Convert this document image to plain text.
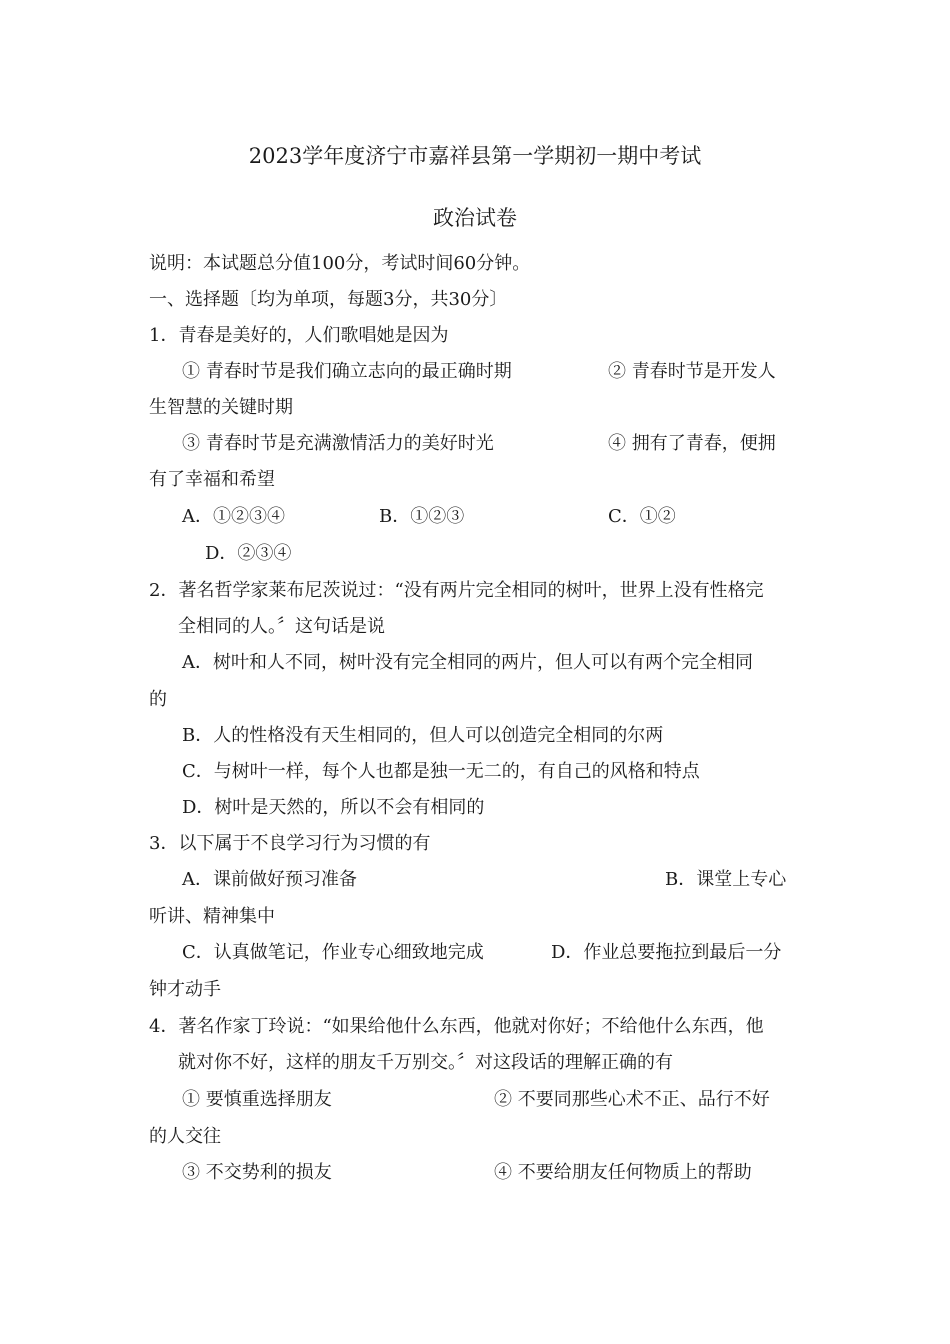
2023学年度济宁市嘉祥县第一学期初一期中考试
政治试卷
说明：本试题总分值100分，考试时间60分钟。
一、选择题〔均为单项，每题3分，共30分〕
1．青春是美好的，人们歌唱她是因为
① 青春时节是我们确立志向的最正确时期	② 青春时节是开发人
生智慧的关键时期
③ 青春时节是充满激情活力的美好时光	④ 拥有了青春，便拥
有了幸福和希望
A．①②③④	B．①②③	C．①②
D．②③④
2．著名哲学家莱布尼茨说过：“没有两片完全相同的树叶，世界上没有性格完
全相同的人。〞这句话是说
A．树叶和人不同，树叶没有完全相同的两片，但人可以有两个完全相同
的
B．人的性格没有天生相同的，但人可以创造完全相同的尔两
C．与树叶一样，每个人也都是独一无二的，有自己的风格和特点
D．树叶是天然的，所以不会有相同的
3．以下属于不良学习行为习惯的有
A．课前做好预习准备	B．课堂上专心
听讲、精神集中
C．认真做笔记，作业专心细致地完成	D．作业总要拖拉到最后一分
钟才动手
4．著名作家丁玲说：“如果给他什么东西，他就对你好；不给他什么东西，他
就对你不好，这样的朋友千万别交。〞对这段话的理解正确的有
① 要慎重选择朋友	② 不要同那些心术不正、品行不好
的人交往
③ 不交势利的损友	④ 不要给朋友任何物质上的帮助
